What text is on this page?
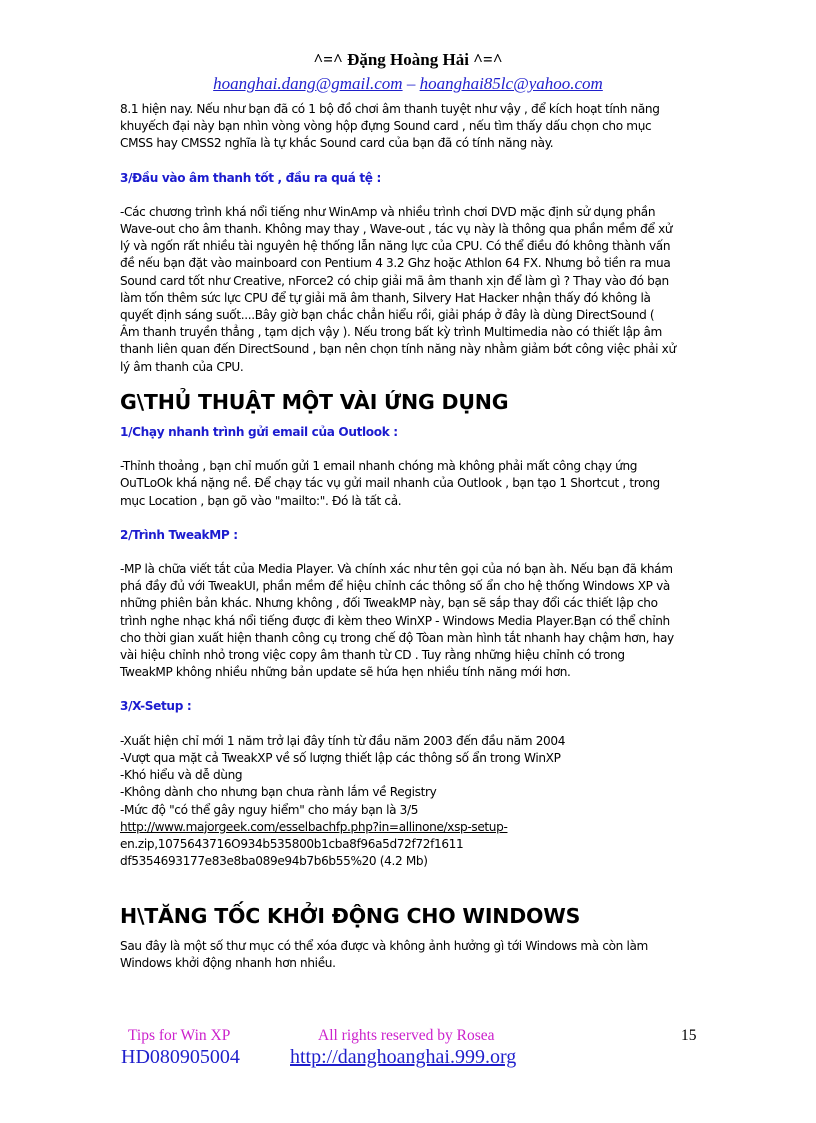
^=^ Đặng Hoàng Hải ^=^
hoanghai.dang@gmail.com – hoanghai85lc@yahoo.com

8.1 hiện nay. Nếu như bạn đã có 1 bộ đồ chơi âm thanh tuyệt như vậy , để kích hoạt tính năng

khuyếch đại này bạn nhìn vòng vòng hộp đựng Sound card , nếu tìm thấy dấu chọn cho mục

CMSS hay CMSS2 nghĩa là tự khắc Sound card của bạn đã có tính năng này.

3/Đầu vào âm thanh tốt , đầu ra quá tệ :

-Các chương trình khá nổi tiếng như WinAmp và nhiều trình chơi DVD mặc định sử dụng phần

Wave-out cho âm thanh. Không may thay , Wave-out , tác vụ này là thông qua phần mềm để xử

lý và ngốn rất nhiều tài nguyên hệ thống lẫn năng lực của CPU. Có thể điều đó không thành vấn

đề nếu bạn đặt vào mainboard con Pentium 4 3.2 Ghz hoặc Athlon 64 FX. Nhưng bỏ tiền ra mua

Sound card tốt như Creative, nForce2 có chip giải mã âm thanh xịn để làm gì ? Thay vào đó bạn

làm tốn thêm sức lực CPU để tự giải mã âm thanh, Silvery Hat Hacker nhận thấy đó không là

quyết định sáng suốt....Bây giờ bạn chắc chẳn hiểu rồi, giải pháp ở đây là dùng DirectSound (

Âm thanh truyền thẳng , tạm dịch vậy ). Nếu trong bất kỳ trình Multimedia nào có thiết lập âm

thanh liên quan đến DirectSound , bạn nên chọn tính năng này nhằm giảm bớt công việc phải xử

lý âm thanh của CPU.

G\THỦ THUẬT MỘT VÀI ỨNG DỤNG

1/Chạy nhanh trình gửi email của Outlook :

-Thỉnh thoảng , bạn chỉ muốn gửi 1 email nhanh chóng mà không phải mất công chạy ứng

OuTLoOk khá nặng nề. Để chạy tác vụ gửi mail nhanh của Outlook , bạn tạo 1 Shortcut , trong

mục Location , bạn gõ vào "mailto:". Đó là tất cả.

2/Trình TweakMP :

-MP là chữa viết tắt của Media Player. Và chính xác như tên gọi của nó bạn àh. Nếu bạn đã khám

phá đầy đủ với TweakUI, phần mềm để hiệu chỉnh các thông số ẩn cho hệ thống Windows XP và

những phiên bản khác. Nhưng không , đối TweakMP này, bạn sẽ sắp thay đổi các thiết lập cho

trình nghe nhạc khá nổi tiếng được đi kèm theo WinXP - Windows Media Player.Bạn có thể chỉnh

cho thời gian xuất hiện thanh công cụ trong chế độ Tòan màn hình tắt nhanh hay chậm hơn, hay

vài hiệu chỉnh nhỏ trong việc copy âm thanh từ CD . Tuy rằng những hiệu chỉnh có trong

TweakMP không nhiều những bản update sẽ hứa hẹn nhiều tính năng mới hơn.

3/X-Setup :

-Xuất hiện chỉ mới 1 năm trở lại đây tính từ đầu năm 2003 đến đầu năm 2004

-Vượt qua mặt cả TweakXP về số lượng thiết lập các thông số ẩn trong WinXP

-Khó hiểu và dễ dùng

-Không dành cho nhưng bạn chưa rành lắm về Registry

-Mức độ "có thể gây nguy hiểm" cho máy bạn là 3/5

http://www.majorgeek.com/esselbachfp.php?in=allinone/xsp-setup-

en.zip,1075643716O934b535800b1cba8f96a5d72f72f1611

df5354693177e83e8ba089e94b7b6b55%20 (4.2 Mb)

H\TĂNG TỐC KHỞI ĐỘNG CHO WINDOWS

Sau đây là một số thư mục có thể xóa được và không ảnh hưởng gì tới Windows mà còn làm

Windows khởi động nhanh hơn nhiều.

Tips for Win XP	All rights reserved by Rosea	15
HD080905004	http://danghoanghai.999.org
